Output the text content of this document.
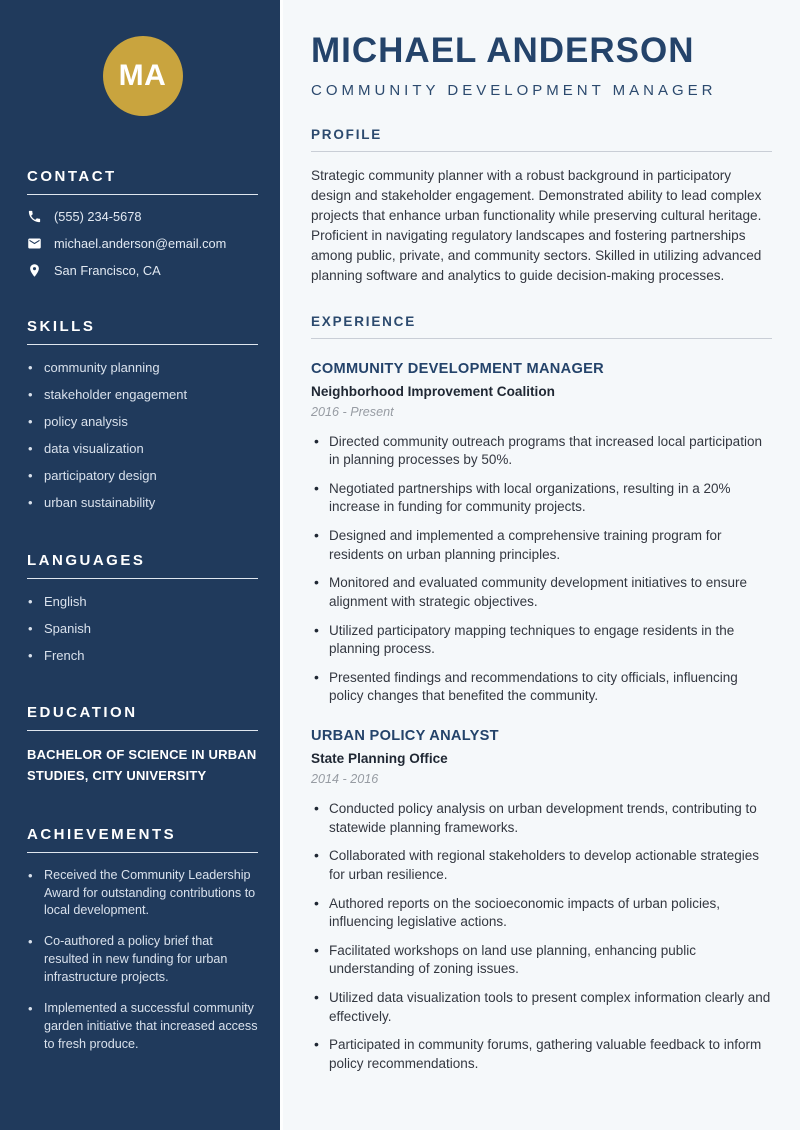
MA
CONTACT
(555) 234-5678
michael.anderson@email.com
San Francisco, CA
SKILLS
• community planning
• stakeholder engagement
• policy analysis
• data visualization
• participatory design
• urban sustainability
LANGUAGES
• English
• Spanish
• French
EDUCATION
BACHELOR OF SCIENCE IN URBAN STUDIES, CITY UNIVERSITY
ACHIEVEMENTS
• Received the Community Leadership Award for outstanding contributions to local development.
• Co-authored a policy brief that resulted in new funding for urban infrastructure projects.
• Implemented a successful community garden initiative that increased access to fresh produce.
MICHAEL ANDERSON
COMMUNITY DEVELOPMENT MANAGER
PROFILE

Strategic community planner with a robust background in participatory design and stakeholder engagement. Demonstrated ability to lead complex projects that enhance urban functionality while preserving cultural heritage. Proficient in navigating regulatory landscapes and fostering partnerships among public, private, and community sectors. Skilled in utilizing advanced planning software and analytics to guide decision-making processes.

EXPERIENCE
COMMUNITY DEVELOPMENT MANAGER
Neighborhood Improvement Coalition
2016 - Present
• Directed community outreach programs that increased local participation in planning processes by 50%.
• Negotiated partnerships with local organizations, resulting in a 20% increase in funding for community projects.
• Designed and implemented a comprehensive training program for residents on urban planning principles.
• Monitored and evaluated community development initiatives to ensure alignment with strategic objectives.
• Utilized participatory mapping techniques to engage residents in the planning process.
• Presented findings and recommendations to city officials, influencing policy changes that benefited the community.
URBAN POLICY ANALYST
State Planning Office
2014 - 2016
• Conducted policy analysis on urban development trends, contributing to statewide planning frameworks.
• Collaborated with regional stakeholders to develop actionable strategies for urban resilience.
• Authored reports on the socioeconomic impacts of urban policies, influencing legislative actions.
• Facilitated workshops on land use planning, enhancing public understanding of zoning issues.
• Utilized data visualization tools to present complex information clearly and effectively.
• Participated in community forums, gathering valuable feedback to inform policy recommendations.
